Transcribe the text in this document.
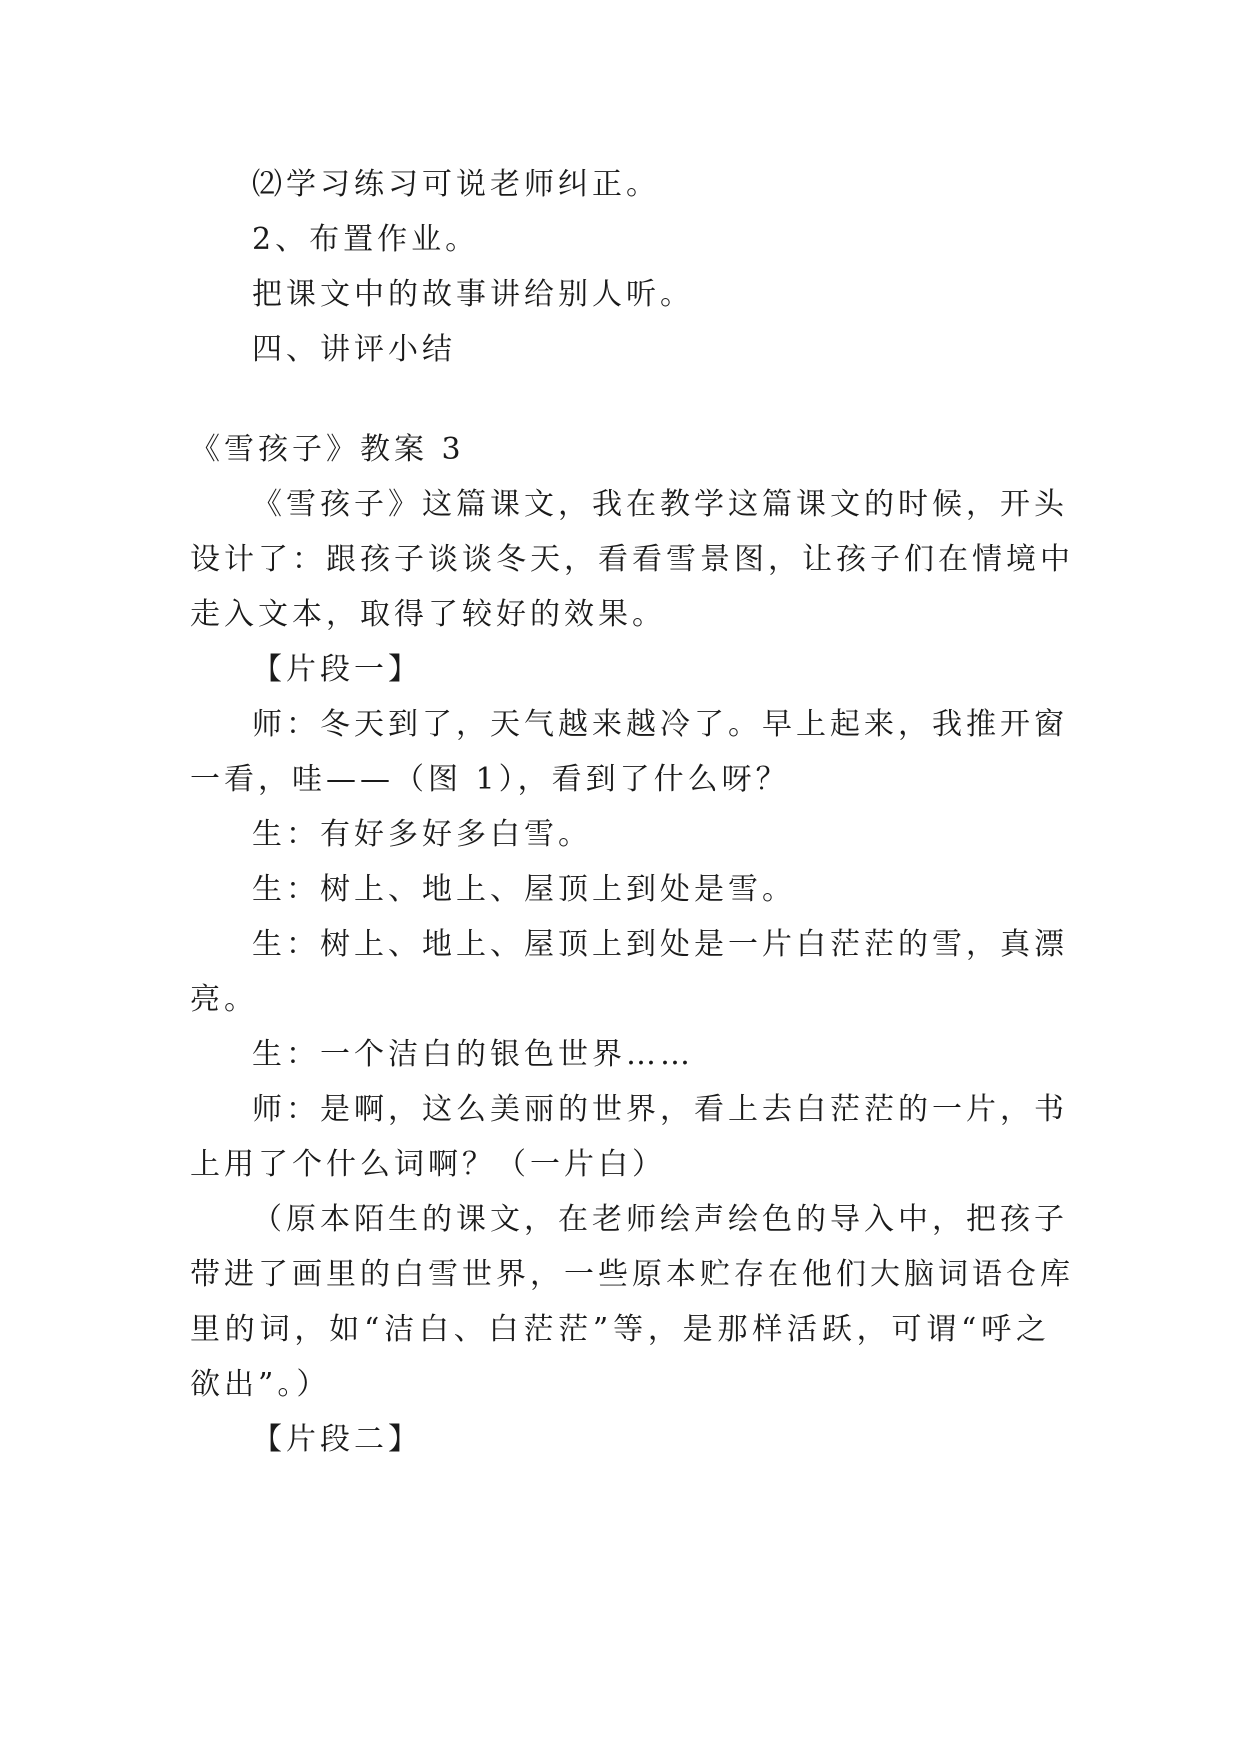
⑵学习练习可说老师纠正。
2、布置作业。
把课文中的故事讲给别人听。
四、讲评小结
《雪孩子》教案 3
《雪孩子》这篇课文，我在教学这篇课文的时候，开头
设计了：跟孩子谈谈冬天，看看雪景图，让孩子们在情境中
走入文本，取得了较好的效果。
【片段一】
师：冬天到了，天气越来越冷了。早上起来，我推开窗
一看，哇——（图 1），看到了什么呀？
生：有好多好多白雪。
生：树上、地上、屋顶上到处是雪。
生：树上、地上、屋顶上到处是一片白茫茫的雪，真漂
亮。
生：一个洁白的银色世界……
师：是啊，这么美丽的世界，看上去白茫茫的一片，书
上用了个什么词啊？（一片白）
（原本陌生的课文，在老师绘声绘色的导入中，把孩子
带进了画里的白雪世界，一些原本贮存在他们大脑词语仓库
里的词，如“洁白、白茫茫”等，是那样活跃，可谓“呼之
欲出”。）
【片段二】
